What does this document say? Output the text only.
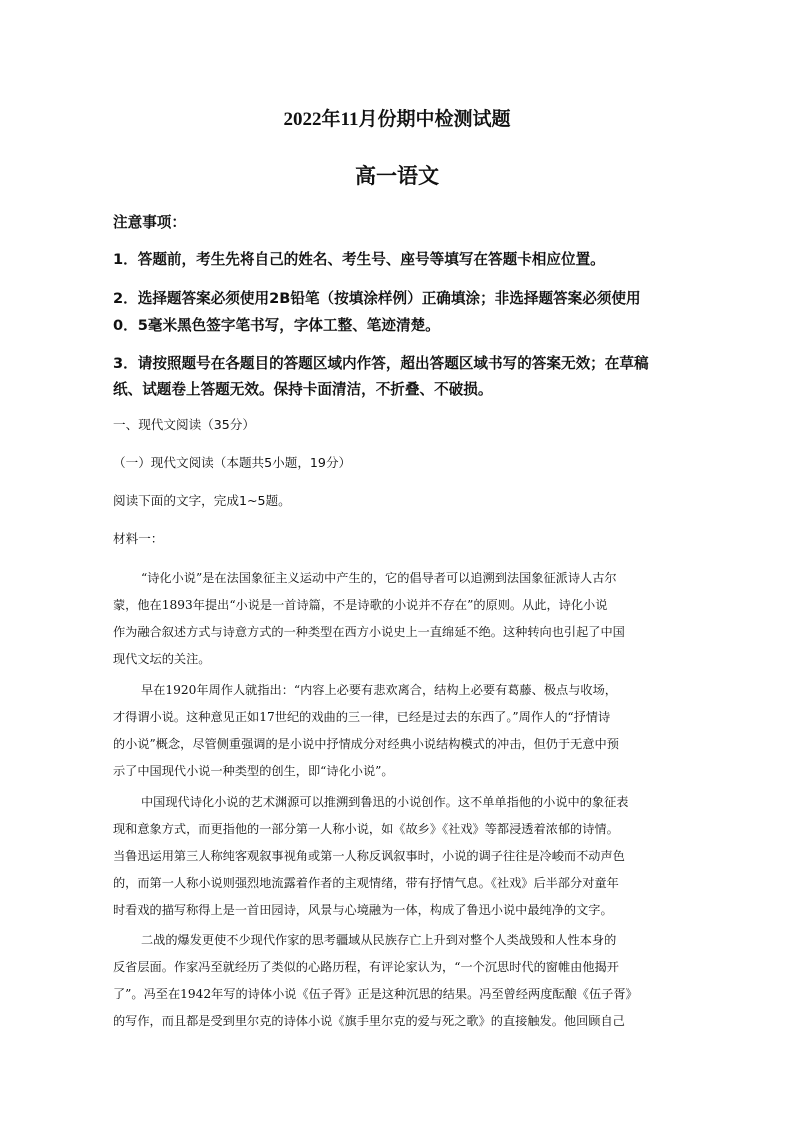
2022年11月份期中检测试题
高一语文
注意事项：
1．答题前，考生先将自己的姓名、考生号、座号等填写在答题卡相应位置。
2．选择题答案必须使用2B铅笔（按填涂样例）正确填涂；非选择题答案必须使用
0．5毫米黑色签字笔书写，字体工整、笔迹清楚。
3．请按照题号在各题目的答题区域内作答，超出答题区域书写的答案无效；在草稿
纸、试题卷上答题无效。保持卡面清洁，不折叠、不破损。
一、现代文阅读（35分）
（一）现代文阅读（本题共5小题，19分）
阅读下面的文字，完成1~5题。
材料一：
“诗化小说”是在法国象征主义运动中产生的，它的倡导者可以追溯到法国象征派诗人古尔
蒙，他在1893年提出“小说是一首诗篇，不是诗歌的小说并不存在”的原则。从此，诗化小说
作为融合叙述方式与诗意方式的一种类型在西方小说史上一直绵延不绝。这种转向也引起了中国
现代文坛的关注。
早在1920年周作人就指出：“内容上必要有悲欢离合，结构上必要有葛藤、极点与收场，
才得谓小说。这种意见正如17世纪的戏曲的三一律，已经是过去的东西了。”周作人的“抒情诗
的小说”概念，尽管侧重强调的是小说中抒情成分对经典小说结构模式的冲击，但仍于无意中预
示了中国现代小说一种类型的创生，即“诗化小说”。
中国现代诗化小说的艺术渊源可以推溯到鲁迅的小说创作。这不单单指他的小说中的象征表
现和意象方式，而更指他的一部分第一人称小说，如《故乡》《社戏》等都浸透着浓郁的诗情。
当鲁迅运用第三人称纯客观叙事视角或第一人称反讽叙事时，小说的调子往往是冷峻而不动声色
的，而第一人称小说则强烈地流露着作者的主观情绪，带有抒情气息。《社戏》后半部分对童年
时看戏的描写称得上是一首田园诗，风景与心境融为一体，构成了鲁迅小说中最纯净的文字。
二战的爆发更使不少现代作家的思考疆域从民族存亡上升到对整个人类战毁和人性本身的
反省层面。作家冯至就经历了类似的心路历程，有评论家认为，“一个沉思时代的窗帷由他揭开
了”。冯至在1942年写的诗体小说《伍子胥》正是这种沉思的结果。冯至曾经两度酝酿《伍子胥》
的写作，而且都是受到里尔克的诗体小说《旗手里尔克的爱与死之歌》的直接触发。他回顾自己
